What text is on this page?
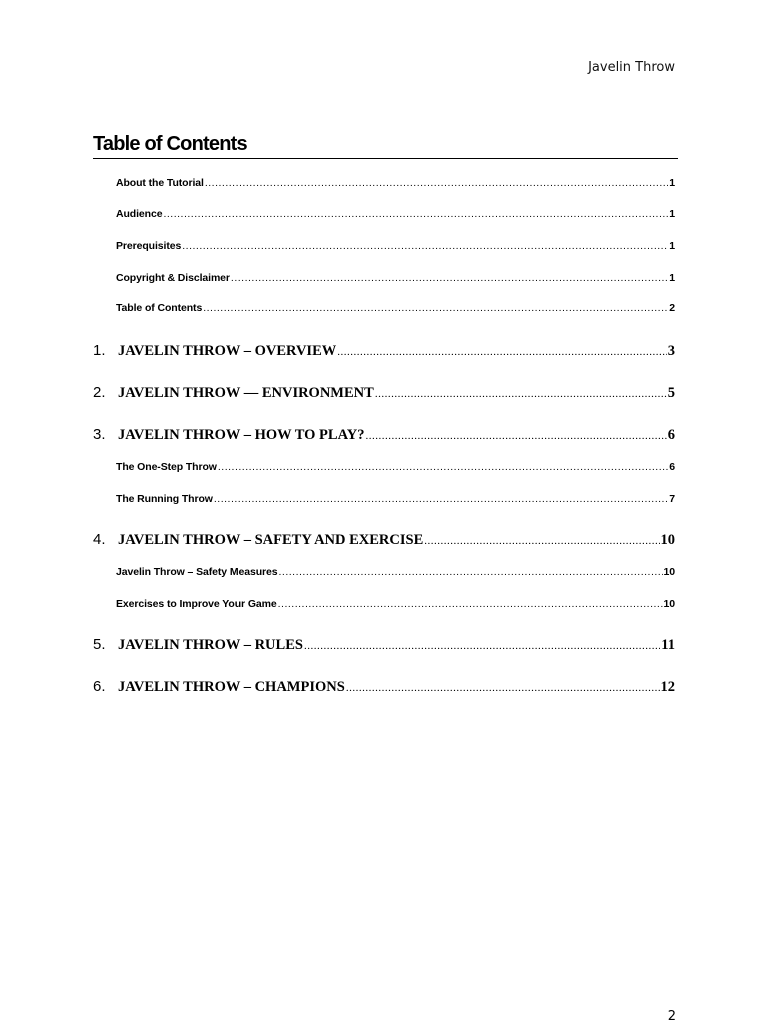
Javelin Throw
Table of Contents
About the Tutorial .....	1
Audience .....	1
Prerequisites .....	1
Copyright & Disclaimer .....	1
Table of Contents .....	2
1. JAVELIN THROW – OVERVIEW .....	3
2. JAVELIN THROW — ENVIRONMENT .....	5
3. JAVELIN THROW – HOW TO PLAY? .....	6
The One-Step Throw .....	6
The Running Throw .....	7
4. JAVELIN THROW – SAFETY AND EXERCISE .....	10
Javelin Throw – Safety Measures .....	10
Exercises to Improve Your Game .....	10
5. JAVELIN THROW – RULES .....	11
6. JAVELIN THROW – CHAMPIONS .....	12
2
